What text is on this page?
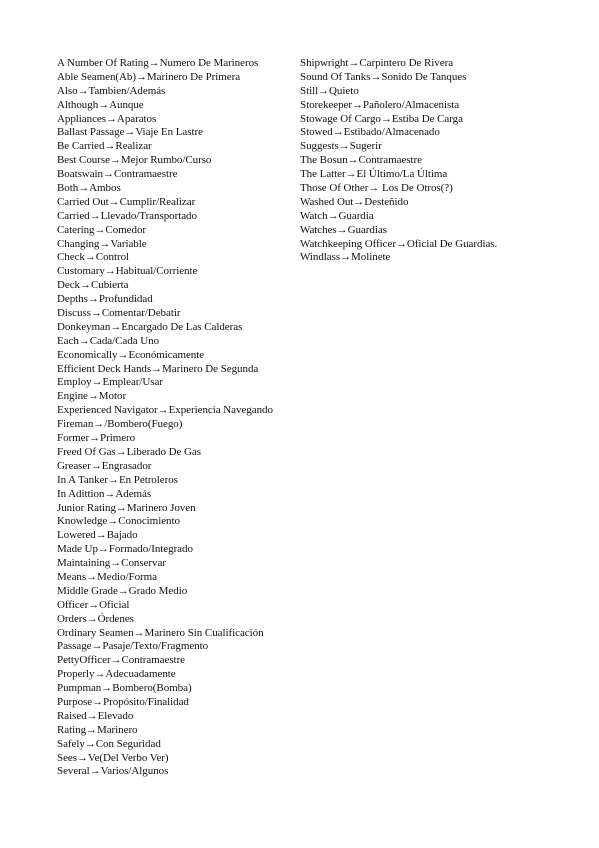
A Number Of Rating→Numero De Marineros
Able Seamen(Ab)→Marinero De Primera
Also→Tambien/Además
Although→Aunque
Appliances→Aparatos
Ballast Passage→Viaje En Lastre
Be Carried→Realizar
Best Course→Mejor Rumbo/Curso
Boatswain→Contramaestre
Both→Ambos
Carried Out→Cumplir/Realizar
Carried→Llevado/Transportado
Catering→Comedor
Changing→Variable
Check→Control
Customary→Habitual/Corriente
Deck→Cubierta
Depths→Profundidad
Discuss→Comentar/Debatir
Donkeyman→Encargado De Las Calderas
Each→Cada/Cada Uno
Economically→Económicamente
Efficient Deck Hands→Marinero De Segunda
Employ→Emplear/Usar
Engine→Motor
Experienced Navigator→Experiencia Navegando
Fireman→/Bombero(Fuego)
Former→Primero
Freed Of Gas→Liberado De Gas
Greaser→Engrasador
In A Tanker→En Petroleros
In Adittion→Además
Junior Rating→Marinero Joven
Knowledge→Conocimiento
Lowered→Bajado
Made Up→Formado/Integrado
Maintaining→Conservar
Means→Medio/Forma
Middle Grade→Grado Medio
Officer→Oficial
Orders→Órdenes
Ordinary Seamen→Marinero Sin Cualificación
Passage→Pasaje/Texto/Fragmento
PettyOfficer→Contramaestre
Properly→Adecuadamente
Pumpman→Bombero(Bomba)
Purpose→Propósito/Finalidad
Raised→Elevado
Rating→Marinero
Safely→Con Seguridad
Sees→Ve(Del Verbo Ver)
Several→Varios/Algunos
Shipwright→Carpintero De Rivera
Sound Of Tanks→Sonido De Tanques
Still→Quieto
Storekeeper→Pañolero/Almacenista
Stowage Of Cargo→Estiba De Carga
Stowed→Estibado/Almacenado
Suggests→Sugerir
The Bosun→Contramaestre
The Latter→El Último/La Última
Those Of Other→ Los De Otros(?)
Washed Out→Desteñido
Watch→Guardia
Watches→Guardias
Watchkeeping Officer→Oficial De Guardias.
Windlass→Molinete
